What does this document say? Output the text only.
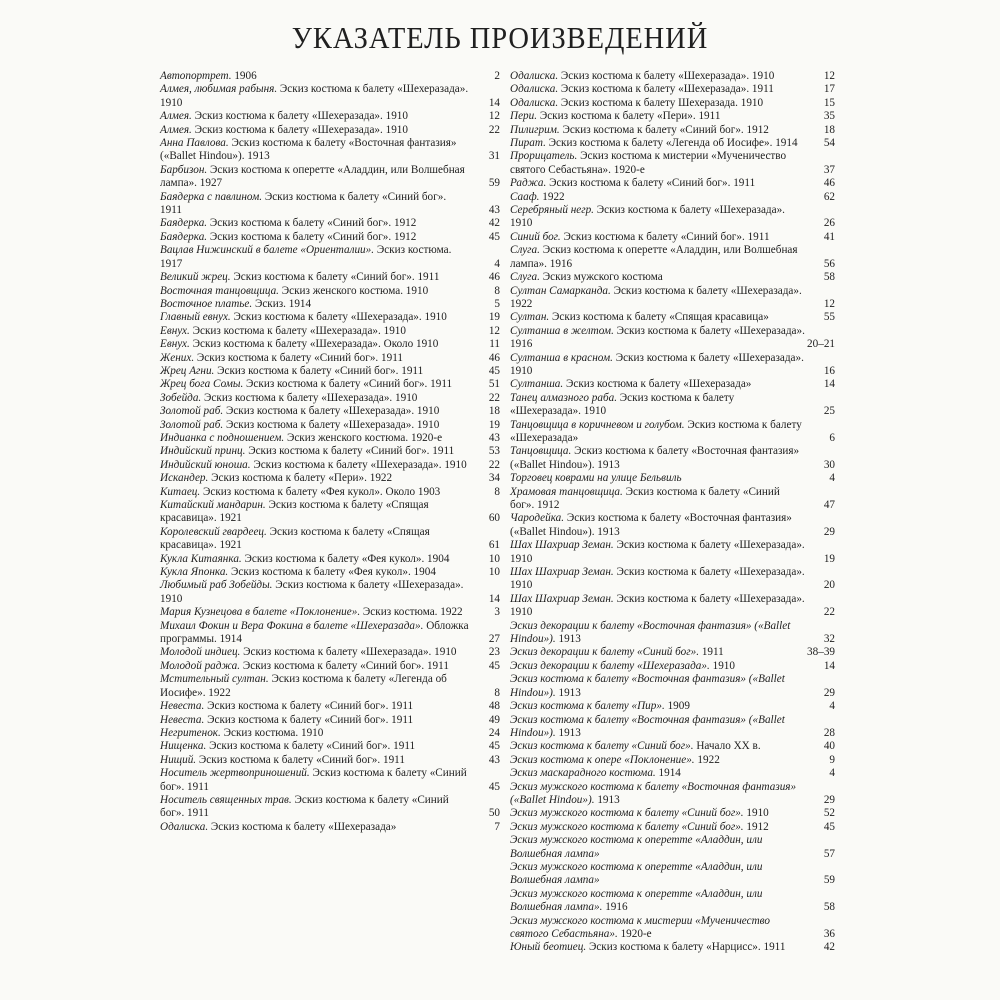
УКАЗАТЕЛЬ ПРОИЗВЕДЕНИЙ
Автопортрет. 1906	2
Алмея, любимая рабыня. Эскиз костюма к балету «Шехеразада». 1910	14
Алмея. Эскиз костюма к балету «Шехеразада». 1910	12
Алмея. Эскиз костюма к балету «Шехеразада». 1910	22
Анна Павлова. Эскиз костюма к балету «Восточная фантазия» («Ballet Hindou»). 1913	31
Барбизон. Эскиз костюма к оперетте «Аладдин, или Волшебная лампа». 1927	59
Баядерка с павлином. Эскиз костюма к балету «Синий бог». 1911	43
Баядерка. Эскиз костюма к балету «Синий бог». 1912	42
Баядерка. Эскиз костюма к балету «Синий бог». 1912	45
Вацлав Нижинский в балете «Ориенталии». Эскиз костюма. 1917	4
Великий жрец. Эскиз костюма к балету «Синий бог». 1911	46
Восточная танцовщица. Эскиз женского костюма. 1910	8
Восточное платье. Эскиз. 1914	5
Главный евнух. Эскиз костюма к балету «Шехеразада». 1910	19
Евнух. Эскиз костюма к балету «Шехеразада». 1910	12
Евнух. Эскиз костюма к балету «Шехеразада». Около 1910	11
Жених. Эскиз костюма к балету «Синий бог». 1911	46
Жрец Агни. Эскиз костюма к балету «Синий бог». 1911	45
Жрец бога Сомы. Эскиз костюма к балету «Синий бог». 1911	51
Зобейда. Эскиз костюма к балету «Шехеразада». 1910	22
Золотой раб. Эскиз костюма к балету «Шехеразада». 1910	18
Золотой раб. Эскиз костюма к балету «Шехеразада». 1910	19
Индианка с подношением. Эскиз женского костюма. 1920-е	43
Индийский принц. Эскиз костюма к балету «Синий бог». 1911	53
Индийский юноша. Эскиз костюма к балету «Шехеразада». 1910 22
Искандер. Эскиз костюма к балету «Пери». 1922	34
Китаец. Эскиз костюма к балету «Фея кукол». Около 1903	8
Китайский мандарин. Эскиз костюма к балету «Спящая красавица». 1921	60
Королевский гвардеец. Эскиз костюма к балету «Спящая красавица». 1921	61
Кукла Китаянка. Эскиз костюма к балету «Фея кукол». 1904	10
Кукла Японка. Эскиз костюма к балету «Фея кукол». 1904	10
Любимый раб Зобейды. Эскиз костюма к балету «Шехеразада». 1910	14
Мария Кузнецова в балете «Поклонение». Эскиз костюма. 1922	3
Михаил Фокин и Вера Фокина в балете «Шехеразада». Обложка программы. 1914	27
Молодой индиец. Эскиз костюма к балету «Шехеразада». 1910	23
Молодой раджа. Эскиз костюма к балету «Синий бог». 1911	45
Мстительный султан. Эскиз костюма к балету «Легенда об Иосифе». 1922	8
Невеста. Эскиз костюма к балету «Синий бог». 1911	48
Невеста. Эскиз костюма к балету «Синий бог». 1911	49
Негритенок. Эскиз костюма. 1910	24
Нищенка. Эскиз костюма к балету «Синий бог». 1911	45
Нищий. Эскиз костюма к балету «Синий бог». 1911	43
Носитель жертвоприношений. Эскиз костюма к балету «Синий бог». 1911	45
Носитель священных трав. Эскиз костюма к балету «Синий бог». 1911	50
Одалиска. Эскиз костюма к балету «Шехеразада»	7
Одалиска. Эскиз костюма к балету «Шехеразада». 1910	12
Одалиска. Эскиз костюма к балету «Шехеразада». 1911	17
Одалиска. Эскиз костюма к балету Шехеразада. 1910	15
Пери. Эскиз костюма к балету «Пери». 1911	35
Пилигрим. Эскиз костюма к балету «Синий бог». 1912	18
Пират. Эскиз костюма к балету «Легенда об Иосифе». 1914	54
Прорицатель. Эскиз костюма к мистерии «Мученичество святого Себастьяна». 1920-е	37
Раджа. Эскиз костюма к балету «Синий бог». 1911	46
Сааф. 1922	62
Серебряный негр. Эскиз костюма к балету «Шехеразада». 1910	26
Синий бог. Эскиз костюма к балету «Синий бог». 1911	41
Слуга. Эскиз костюма к оперетте «Аладдин, или Волшебная лампа». 1916	56
Слуга. Эскиз мужского костюма	58
Султан Самарканда. Эскиз костюма к балету «Шехеразада». 1922	12
Султан. Эскиз костюма к балету «Спящая красавица»	55
Султанша в желтом. Эскиз костюма к балету «Шехеразада». 1916	20–21
Султанша в красном. Эскиз костюма к балету «Шехеразада». 1910	16
Султанша. Эскиз костюма к балету «Шехеразада»	14
Танец алмазного раба. Эскиз костюма к балету «Шехеразада». 1910	25
Танцовщица в коричневом и голубом. Эскиз костюма к балету «Шехеразада»	6
Танцовщица. Эскиз костюма к балету «Восточная фантазия» («Ballet Hindou»). 1913	30
Торговец коврами на улице Бельвиль	4
Храмовая танцовщица. Эскиз костюма к балету «Синий бог». 1912	47
Чародейка. Эскиз костюма к балету «Восточная фантазия» («Ballet Hindou»). 1913	29
Шах Шахриар Земан. Эскиз костюма к балету «Шехеразада». 1910	19
Шах Шахриар Земан. Эскиз костюма к балету «Шехеразада». 1910	20
Шах Шахриар Земан. Эскиз костюма к балету «Шехеразада». 1910	22
Эскиз декорации к балету «Восточная фантазия» («Ballet Hindou»). 1913	32
Эскиз декорации к балету «Синий бог». 1911	38–39
Эскиз декорации к балету «Шехеразада». 1910	14
Эскиз костюма к балету «Восточная фантазия» («Ballet Hindou»). 1913	29
Эскиз костюма к балету «Пир». 1909	4
Эскиз костюма к балету «Восточная фантазия» («Ballet Hindou»). 1913	28
Эскиз костюма к балету «Синий бог». Начало XX в.	40
Эскиз костюма к опере «Поклонение». 1922	9
Эскиз маскарадного костюма. 1914	4
Эскиз мужского костюма к балету «Восточная фантазия» («Ballet Hindou»). 1913	29
Эскиз мужского костюма к балету «Синий бог». 1910	52
Эскиз мужского костюма к балету «Синий бог». 1912	45
Эскиз мужского костюма к оперетте «Аладдин, или Волшебная лампа»	57
Эскиз мужского костюма к оперетте «Аладдин, или Волшебная лампа»	59
Эскиз мужского костюма к оперетте «Аладдин, или Волшебная лампа». 1916	58
Эскиз мужского костюма к мистерии «Мученичество святого Себастьяна». 1920-е	36
Юный беотиец. Эскиз костюма к балету «Нарцисс». 1911	42
